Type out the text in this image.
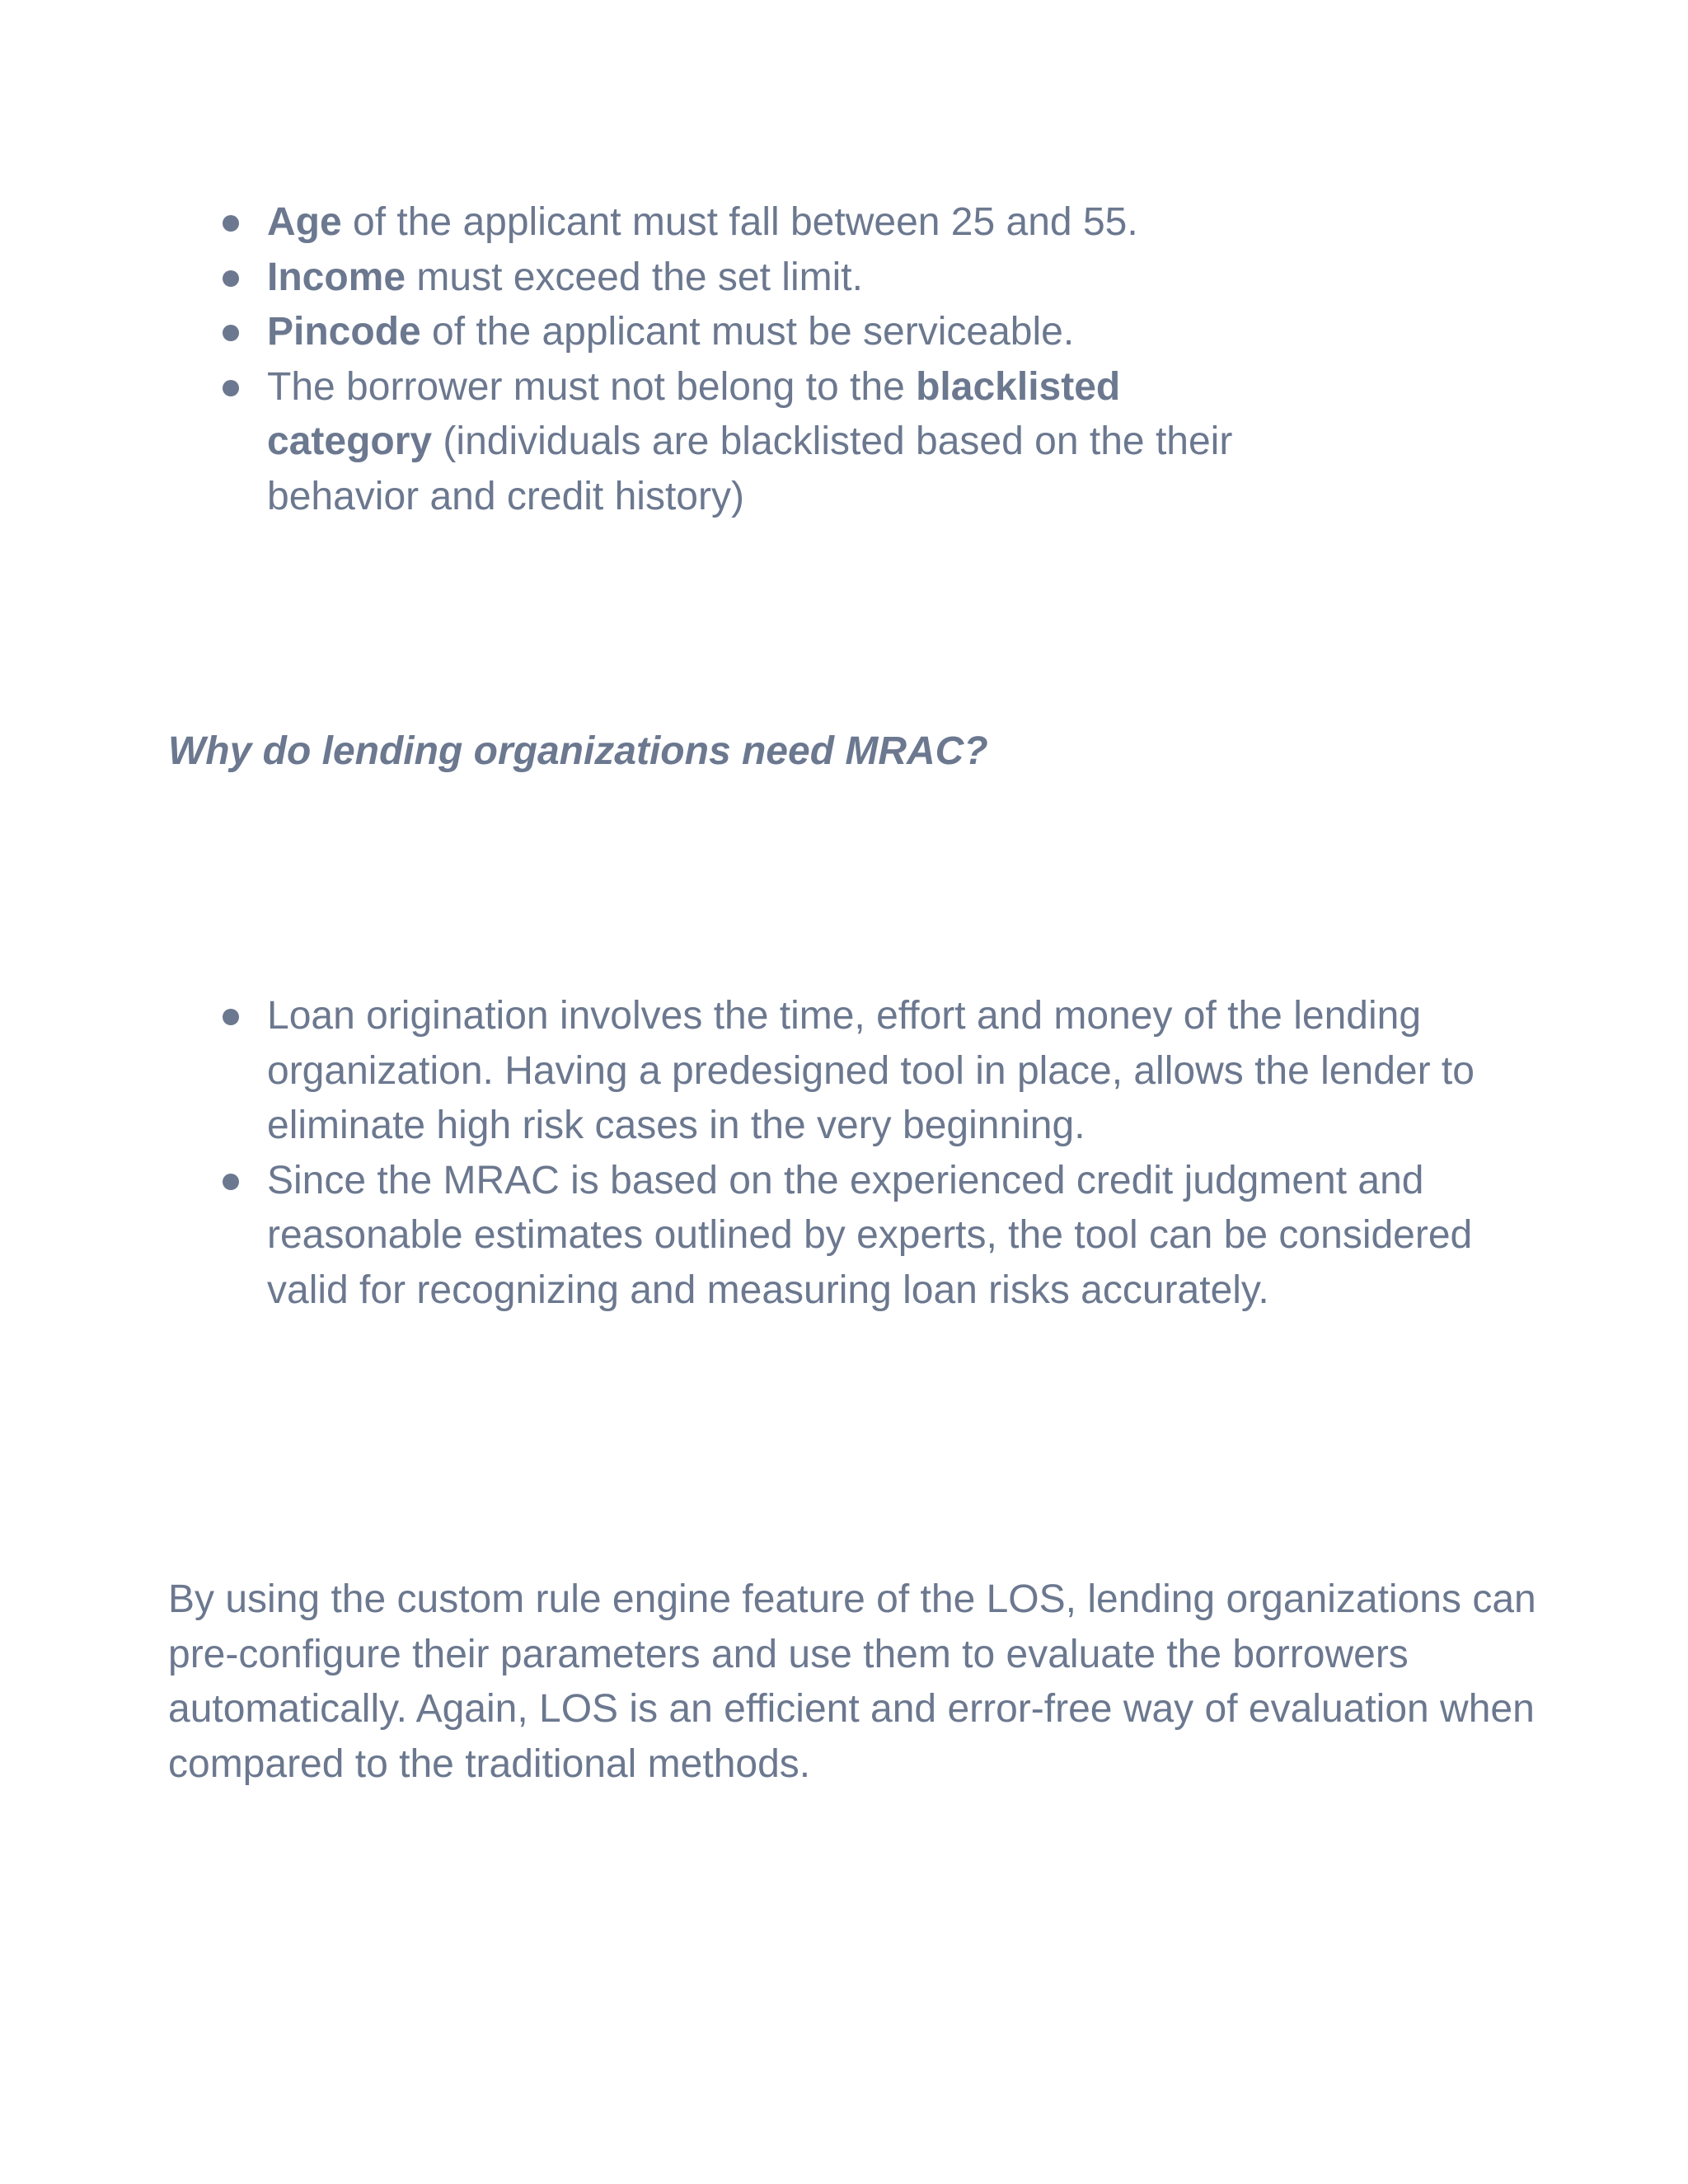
Age of the applicant must fall between 25 and 55.
Income must exceed the set limit.
Pincode of the applicant must be serviceable.
The borrower must not belong to the blacklisted category (individuals are blacklisted based on the their behavior and credit history)

Why do lending organizations need MRAC?

Loan origination involves the time, effort and money of the lending organization. Having a predesigned tool in place, allows the lender to eliminate high risk cases in the very beginning.
Since the MRAC is based on the experienced credit judgment and reasonable estimates outlined by experts, the tool can be considered valid for recognizing and measuring loan risks accurately.

By using the custom rule engine feature of the LOS, lending organizations can pre-configure their parameters and use them to evaluate the borrowers automatically. Again, LOS is an efficient and error-free way of evaluation when compared to the traditional methods.
